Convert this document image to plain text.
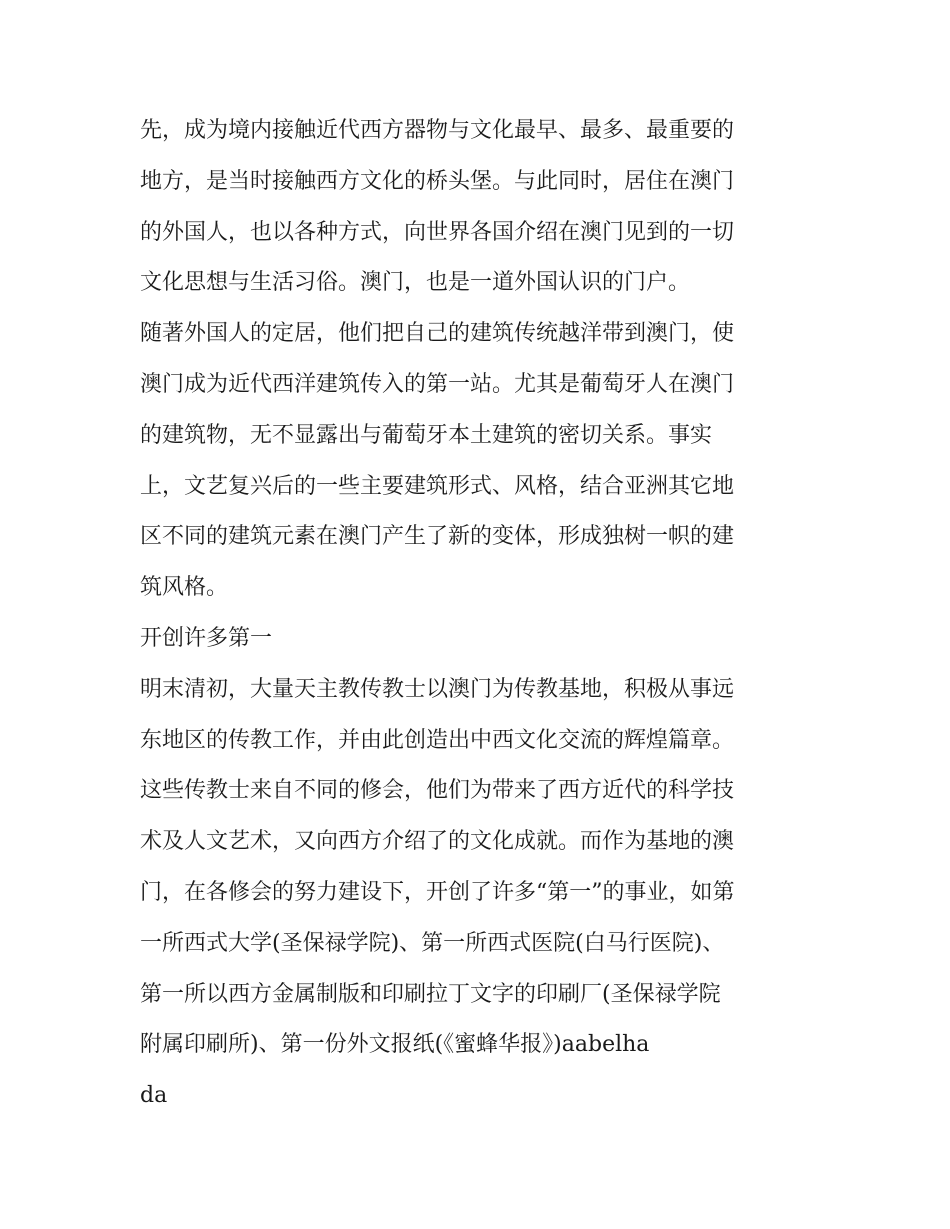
先，成为境内接触近代西方器物与文化最早、最多、最重要的
地方，是当时接触西方文化的桥头堡。与此同时，居住在澳门
的外国人，也以各种方式，向世界各国介绍在澳门见到的一切
文化思想与生活习俗。澳门，也是一道外国认识的门户。
随著外国人的定居，他们把自己的建筑传统越洋带到澳门，使
澳门成为近代西洋建筑传入的第一站。尤其是葡萄牙人在澳门
的建筑物，无不显露出与葡萄牙本土建筑的密切关系。事实
上，文艺复兴后的一些主要建筑形式、风格，结合亚洲其它地
区不同的建筑元素在澳门产生了新的变体，形成独树一帜的建
筑风格。
开创许多第一
明末清初，大量天主教传教士以澳门为传教基地，积极从事远
东地区的传教工作，并由此创造出中西文化交流的辉煌篇章。
这些传教士来自不同的修会，他们为带来了西方近代的科学技
术及人文艺术，又向西方介绍了的文化成就。而作为基地的澳
门，在各修会的努力建设下，开创了许多“第一”的事业，如第
一所西式大学(圣保禄学院)、第一所西式医院(白马行医院)、
第一所以西方金属制版和印刷拉丁文字的印刷厂(圣保禄学院
附属印刷所)、第一份外文报纸(《蜜蜂华报》)aabelha
da
